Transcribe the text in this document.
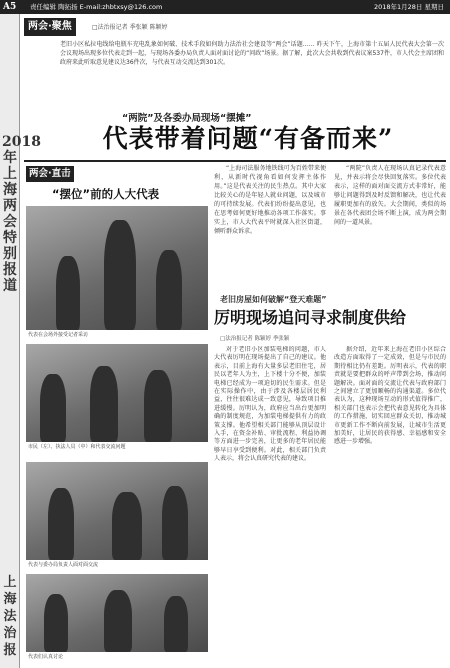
A5 责任编辑 陶拓扬 E-mail:zhbtxsy@126.com	2018年1月28日 星期日
2018年上海两会特别报道
上海法治报
两会·聚焦	□法治报记者 季张颖 陈颖婷
老旧小区私拉电线给电瓶车充电乱象如何破、技术手段如何助力法治社会建设等“两会”话题…… 昨天下午，上海市第十五届人民代表大会第一次会议现场出现多位代表走到一起，与现场各委办局负责人面对面讨论的“问政”场景。据了解，此次大会共收到代表议案537件，市人代会主席团和政府来此听取意见建议达36件次，与代表互动交流达到301次。
“两院”及各委办局现场“摆摊”
代表带着问题“有备而来”
两会·直击
“摆位”前的人大代表
代表在会场外接受记者采访
市民（左）、执法人员（中）和代表交流问题
代表与委办局负责人面对面交流
代表们认真讨论
“上海司法服务地铁线可为百姓带来便利，从新时代视角看如何发挥主体作用。”这是代表关注的民生热点。其中大家比较关心的是年轻人就业问题，以及城市的可持续发展。代表们纷纷提出意见，也在思考如何更好地推动各项工作落实。事实上，市人大代表平时就深入社区街道，倾听群众诉求。
“两院”负责人在现场认真记录代表意见，并表示将会尽快回复落实。多位代表表示，这样的面对面交流方式非常好，能够让问题得到及时反馈和解决，也让代表履职更加有的放矢。大会期间，类似的场景在各代表团会场不断上演，成为两会期间的一道风景。
老旧房屋如何破解“登天难题”
厉明现场追问寻求制度供给
□法治报记者 陈颖婷 季张颖
对于老旧小区加装电梯的问题，市人大代表厉明在现场提出了自己的建议。他表示，目前上海有大量多层老旧住宅，居民以老年人为主，上下楼十分不便，加装电梯已经成为一项迫切的民生需求。但是在实际操作中，由于涉及各楼层居民利益，往往很难达成一致意见，导致项目推进缓慢。厉明认为，政府应当出台更加明确的制度规范，为加装电梯提供有力的政策支撑。他希望相关部门能够从顶层设计入手，在资金补贴、审批流程、利益协调等方面进一步完善，让更多的老年居民能够早日享受到便利。对此，相关部门负责人表示，将会认真研究代表的建议。
据介绍，近年来上海在老旧小区综合改造方面取得了一定成效，但是与市民的期待相比仍有差距。厉明表示，代表的职责就是要把群众的呼声带到会场，推动问题解决。面对面的交流让代表与政府部门之间建立了更加顺畅的沟通渠道。多位代表认为，这种现场互动的形式值得推广，相关部门也表示会把代表意见转化为具体的工作措施，切实回应群众关切，推动城市更新工作不断向前发展，让城市生活更加美好，让居民的获得感、幸福感和安全感进一步增强。
